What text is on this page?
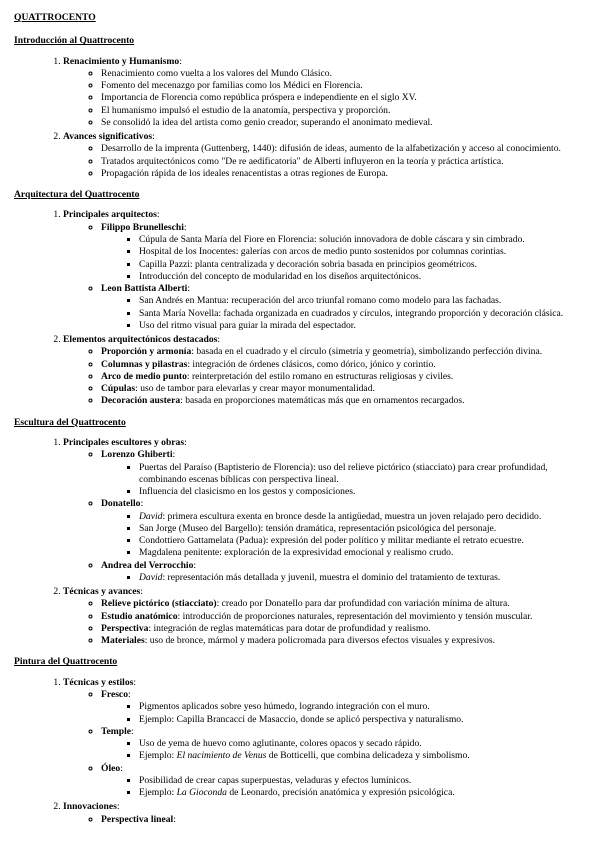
QUATTROCENTO
Introducción al Quattrocento
1. Renacimiento y Humanismo:
◦ Renacimiento como vuelta a los valores del Mundo Clásico.
◦ Fomento del mecenazgo por familias como los Médici en Florencia.
◦ Importancia de Florencia como república próspera e independiente en el siglo XV.
◦ El humanismo impulsó el estudio de la anatomía, perspectiva y proporción.
◦ Se consolidó la idea del artista como genio creador, superando el anonimato medieval.
2. Avances significativos:
◦ Desarrollo de la imprenta (Guttenberg, 1440): difusión de ideas, aumento de la alfabetización y acceso al conocimiento.
◦ Tratados arquitectónicos como "De re aedificatoria" de Alberti influyeron en la teoría y práctica artística.
◦ Propagación rápida de los ideales renacentistas a otras regiones de Europa.
Arquitectura del Quattrocento
1. Principales arquitectos:
◦ Filippo Brunelleschi:
▪ Cúpula de Santa María del Fiore en Florencia: solución innovadora de doble cáscara y sin cimbrado.
▪ Hospital de los Inocentes: galerías con arcos de medio punto sostenidos por columnas corintias.
▪ Capilla Pazzi: planta centralizada y decoración sobria basada en principios geométricos.
▪ Introducción del concepto de modularidad en los diseños arquitectónicos.
◦ Leon Battista Alberti:
▪ San Andrés en Mantua: recuperación del arco triunfal romano como modelo para las fachadas.
▪ Santa María Novella: fachada organizada en cuadrados y círculos, integrando proporción y decoración clásica.
▪ Uso del ritmo visual para guiar la mirada del espectador.
2. Elementos arquitectónicos destacados:
◦ Proporción y armonía: basada en el cuadrado y el círculo (simetría y geometría), simbolizando perfección divina.
◦ Columnas y pilastras: integración de órdenes clásicos, como dórico, jónico y corintio.
◦ Arco de medio punto: reinterpretación del estilo romano en estructuras religiosas y civiles.
◦ Cúpulas: uso de tambor para elevarlas y crear mayor monumentalidad.
◦ Decoración austera: basada en proporciones matemáticas más que en ornamentos recargados.
Escultura del Quattrocento
1. Principales escultores y obras:
◦ Lorenzo Ghiberti:
▪ Puertas del Paraíso (Baptisterio de Florencia): uso del relieve pictórico (stiacciato) para crear profundidad, combinando escenas bíblicas con perspectiva lineal.
▪ Influencia del clasicismo en los gestos y composiciones.
◦ Donatello:
▪ David: primera escultura exenta en bronce desde la antigüedad, muestra un joven relajado pero decidido.
▪ San Jorge (Museo del Bargello): tensión dramática, representación psicológica del personaje.
▪ Condottiero Gattamelata (Padua): expresión del poder político y militar mediante el retrato ecuestre.
▪ Magdalena penitente: exploración de la expresividad emocional y realismo crudo.
◦ Andrea del Verrocchio:
▪ David: representación más detallada y juvenil, muestra el dominio del tratamiento de texturas.
2. Técnicas y avances:
◦ Relieve pictórico (stiacciato): creado por Donatello para dar profundidad con variación mínima de altura.
◦ Estudio anatómico: introducción de proporciones naturales, representación del movimiento y tensión muscular.
◦ Perspectiva: integración de reglas matemáticas para dotar de profundidad y realismo.
◦ Materiales: uso de bronce, mármol y madera policromada para diversos efectos visuales y expresivos.
Pintura del Quattrocento
1. Técnicas y estilos:
◦ Fresco:
▪ Pigmentos aplicados sobre yeso húmedo, logrando integración con el muro.
▪ Ejemplo: Capilla Brancacci de Masaccio, donde se aplicó perspectiva y naturalismo.
◦ Temple:
▪ Uso de yema de huevo como aglutinante, colores opacos y secado rápido.
▪ Ejemplo: El nacimiento de Venus de Botticelli, que combina delicadeza y simbolismo.
◦ Óleo:
▪ Posibilidad de crear capas superpuestas, veladuras y efectos lumínicos.
▪ Ejemplo: La Gioconda de Leonardo, precisión anatómica y expresión psicológica.
2. Innovaciones:
◦ Perspectiva lineal:
